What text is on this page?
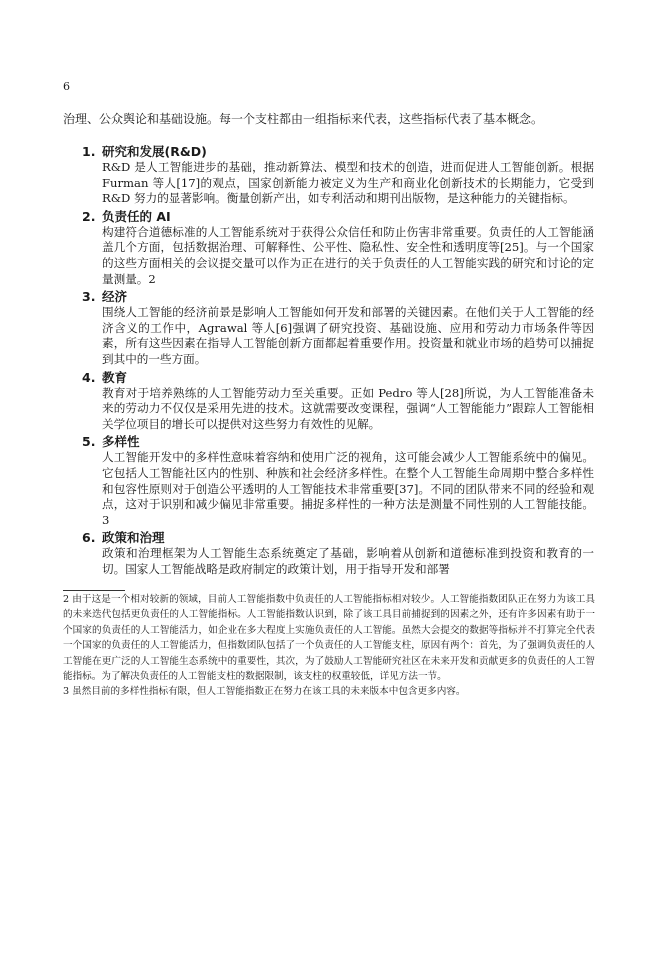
6

治理、公众舆论和基础设施。每一个支柱都由一组指标来代表，这些指标代表了基本概念。

1. 研究和发展(R&D)

R&D 是人工智能进步的基础，推动新算法、模型和技术的创造，进而促进人工智能创新。根据 Furman 等人[17]的观点，国家创新能力被定义为生产和商业化创新技术的长期能力，它受到 R&D 努力的显著影响。衡量创新产出，如专利活动和期刊出版物，是这种能力的关键指标。

2. 负责任的 AI

构建符合道德标准的人工智能系统对于获得公众信任和防止伤害非常重要。负责任的人工智能涵盖几个方面，包括数据治理、可解释性、公平性、隐私性、安全性和透明度等[25]。与一个国家的这些方面相关的会议提交量可以作为正在进行的关于负责任的人工智能实践的研究和讨论的定量测量。2

3. 经济

围绕人工智能的经济前景是影响人工智能如何开发和部署的关键因素。在他们关于人工智能的经济含义的工作中，Agrawal 等人[6]强调了研究投资、基础设施、应用和劳动力市场条件等因素，所有这些因素在指导人工智能创新方面都起着重要作用。投资量和就业市场的趋势可以捕捉到其中的一些方面。

4. 教育

教育对于培养熟练的人工智能劳动力至关重要。正如 Pedro 等人[28]所说，为人工智能准备未来的劳动力不仅仅是采用先进的技术。这就需要改变课程，强调“人工智能能力”跟踪人工智能相关学位项目的增长可以提供对这些努力有效性的见解。

5. 多样性

人工智能开发中的多样性意味着容纳和使用广泛的视角，这可能会减少人工智能系统中的偏见。它包括人工智能社区内的性别、种族和社会经济多样性。在整个人工智能生命周期中整合多样性和包容性原则对于创造公平透明的人工智能技术非常重要[37]。不同的团队带来不同的经验和观点，这对于识别和减少偏见非常重要。捕捉多样性的一种方法是测量不同性别的人工智能技能。3

6. 政策和治理

政策和治理框架为人工智能生态系统奠定了基础，影响着从创新和道德标准到投资和教育的一切。国家人工智能战略是政府制定的政策计划，用于指导开发和部署

2 由于这是一个相对较新的领域，目前人工智能指数中负责任的人工智能指标相对较少。人工智能指数团队正在努力为该工具的未来迭代包括更负责任的人工智能指标。人工智能指数认识到，除了该工具目前捕捉到的因素之外，还有许多因素有助于一个国家的负责任的人工智能活力，如企业在多大程度上实施负责任的人工智能。虽然大会提交的数据等指标并不打算完全代表一个国家的负责任的人工智能活力，但指数团队包括了一个负责任的人工智能支柱，原因有两个：首先，为了强调负责任的人工智能在更广泛的人工智能生态系统中的重要性，其次，为了鼓励人工智能研究社区在未来开发和贡献更多的负责任的人工智能指标。为了解决负责任的人工智能支柱的数据限制，该支柱的权重较低，详见方法一节。

3 虽然目前的多样性指标有限，但人工智能指数正在努力在该工具的未来版本中包含更多内容。
